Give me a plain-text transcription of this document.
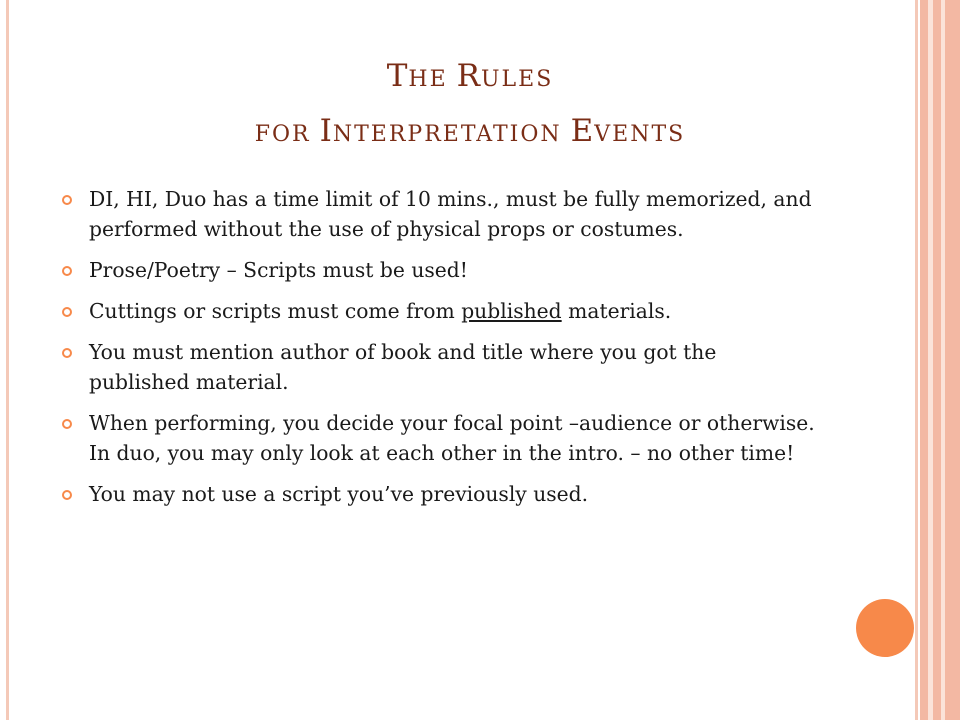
THE RULES
FOR INTERPRETATION EVENTS
DI, HI, Duo has a time limit of 10 mins., must be fully memorized, and performed without the use of physical props or costumes.
Prose/Poetry – Scripts must be used!
Cuttings or scripts must come from published materials.
You must mention author of book and title where you got the published material.
When performing, you decide your focal point –audience or otherwise. In duo, you may only look at each other in the intro. – no other time!
You may not use a script you’ve previously used.
